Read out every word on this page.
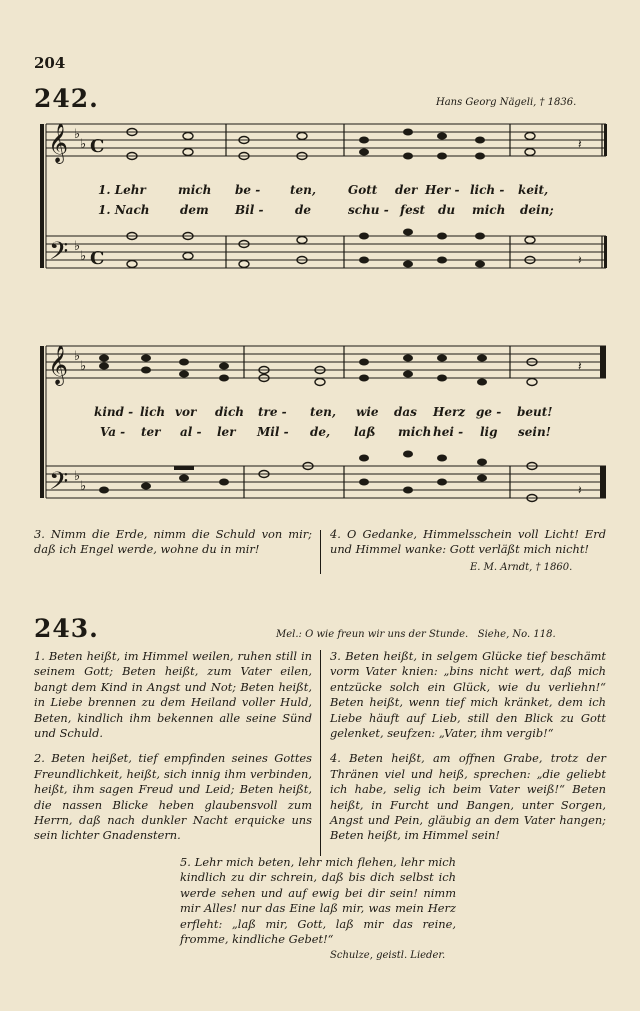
204
242.	Hans Georg Nägeli, † 1836.
𝄞
𝄢
♭
♭
♭
♭
C
C
𝄽
𝄽
1. Lehr	mich be - ten,	Gott der Her - lich - keit,
1. Nach	dem Bil -	de	schu - fest du mich dein;
𝄞
𝄢
♭
♭
♭
♭
𝄽
𝄽
kind - lich vor dich tre - ten, wie das Herz ge - beut!
Va - ter al - ler Mil - de, laß mich hei - lig sein!
3. Nimm die Erde, nimm die Schuld von mir; daß ich Engel werde, wohne du in mir!
4. O Gedanke, Himmelsschein voll Licht! Erd und Himmel wanke: Gott verläßt mich nicht!
E. M. Arndt, † 1860.
243.	Mel.: O wie freun wir uns der Stunde.   Siehe, No. 118.

1. Beten heißt, im Himmel weilen, ruhen still in seinem Gott; Beten heißt, zum Vater eilen, bangt dem Kind in Angst und Not; Beten heißt, in Liebe brennen zu dem Heiland voller Huld, Beten, kindlich ihm bekennen alle seine Sünd und Schuld.

2. Beten heißet, tief empfinden seines Gottes Freundlichkeit, heißt, sich innig ihm verbinden, heißt, ihm sagen Freud und Leid; Beten heißt, die nassen Blicke heben glaubensvoll zum Herrn, daß nach dunkler Nacht erquicke uns sein lichter Gnadenstern.

3. Beten heißt, in selgem Glücke tief beschämt vorm Vater knien: „bins nicht wert, daß mich entzücke solch ein Glück, wie du verliehn!“ Beten heißt, wenn tief mich kränket, dem ich Liebe häuft auf Lieb, still den Blick zu Gott gelenket, seufzen: „Vater, ihm vergib!“

4. Beten heißt, am offnen Grabe, trotz der Thränen viel und heiß, sprechen: „die geliebt ich habe, selig ich beim Vater weiß!“ Beten heißt, in Furcht und Bangen, unter Sorgen, Angst und Pein, gläubig an dem Vater hangen; Beten heißt, im Himmel sein!

5. Lehr mich beten, lehr mich flehen, lehr mich kindlich zu dir schrein, daß bis dich selbst ich werde sehen und auf ewig bei dir sein! nimm mir Alles! nur das Eine laß mir, was mein Herz erfleht: „laß mir, Gott, laß mir das reine, fromme, kindliche Gebet!“
Schulze, geistl. Lieder.
